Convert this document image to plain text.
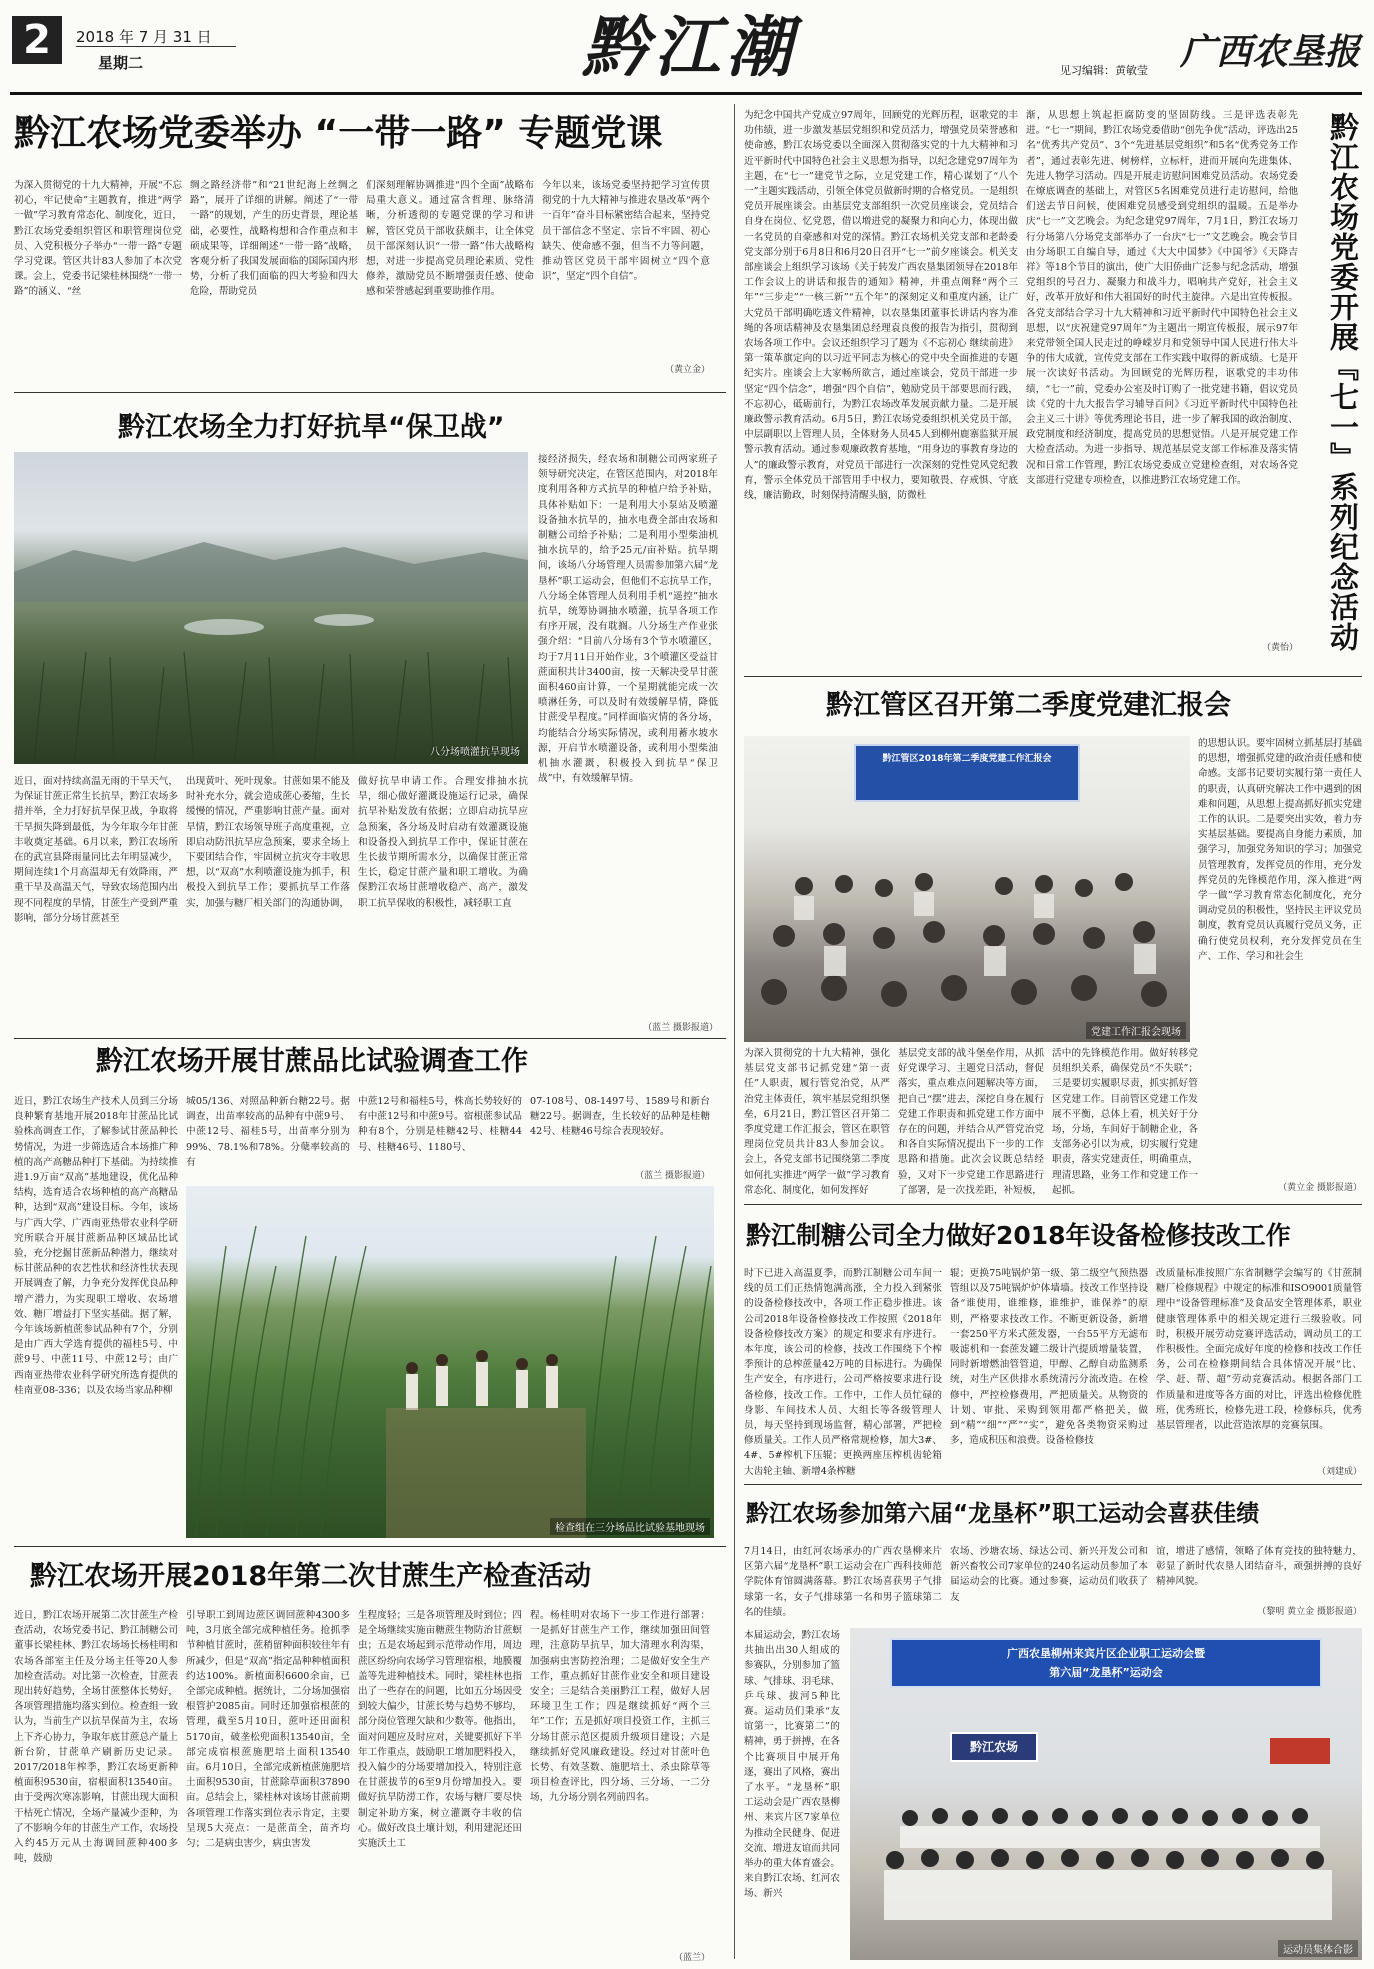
2	2018 年 7 月 31 日
星期二	黔江潮	见习编辑：黄敏莹 广西农垦报
黔江农场党委举办 “一带一路” 专题党课
为深入贯彻党的十九大精神，开展“不忘初心，牢记使命”主题教育，推进“两学一做”学习教育常态化、制度化，近日，黔江农场党委组织管区和职管理岗位党员、入党积极分子举办“一带一路”专题学习党课。管区共计83人参加了本次党课。会上，党委书记梁桂林围绕“一带一路”的涵义、“丝
绸之路经济带”和“21世纪海上丝绸之路”，展开了详细的讲解。阐述了“一带一路”的规划，产生的历史背景，理论基础，必要性，战略构想和合作重点和丰硕成果等，详细阐述“一带一路”战略，客观分析了我国发展面临的国际国内形势，分析了我们面临的四大考验和四大危险，帮助党员
们深刻理解协调推进“四个全面”战略布局重大意义。通过富含哲理、脉络清晰，分析透彻的专题党课的学习和讲解，管区党员干部收获颇丰，让全体党员干部深刻认识“一带一路”伟大战略构想，对进一步提高党员理论素质、党性修养，激励党员不断增强责任感、使命感和荣誉感起到重要助推作用。
今年以来，该场党委坚持把学习宣传贯彻党的十九大精神与推进农垦改革“两个一百年”奋斗目标紧密结合起来，坚持党员干部信念不坚定、宗旨不牢固、初心缺失、使命感不强，但当不力等问题，推动管区党员干部牢固树立“四个意识”，坚定“四个自信”。
（黄立金）
黔江农场全力打好抗旱“保卫战”
八分场喷灌抗旱现场
接经济损失，经农场和制糖公司两家班子领导研究决定，在管区范围内，对2018年度利用各种方式抗旱的种植户给予补贴，具体补贴如下：一是利用大小泵站及喷灌设备抽水抗旱的，抽水电费全部由农场和制糖公司给予补贴；二是利用小型柴油机抽水抗旱的，给予25元/亩补贴。抗旱期间，该场八分场管理人员需参加第六届“龙垦杯”职工运动会，但他们不忘抗旱工作，八分场全体管理人员利用手机“遥控”抽水抗旱，统筹协调抽水喷灌，抗旱各项工作有序开展，没有耽搁。八分场生产作业张强介绍：“目前八分场有3个节水喷灌区，均于7月11日开始作业，3个喷灌区受益甘蔗面积共计3400亩，按一天解决受旱甘蔗面积460亩计算，一个星期就能完成一次喷淋任务，可以及时有效缓解旱情，降低甘蔗受旱程度。”同样面临灾情的各分场，均能结合分场实际情况，或利用蓄水坡水源，开启节水喷灌设备，或利用小型柴油机抽水灌溉，积极投入到抗旱“保卫战”中，有效缓解旱情。
近日，面对持续高温无雨的干旱天气，为保证甘蔗正常生长抗旱，黔江农场多措并举，全力打好抗旱保卫战，争取将干旱损失降到最低，为今年取今年甘蔗丰收奠定基础。6月以来，黔江农场所在的武宣县降雨量同比去年明显减少，期间连续1个月高温却无有效降雨，严重干旱及高温天气，导致农场范围内出现不同程度的旱情，甘蔗生产受到严重影响，部分分场甘蔗甚至
出现黄叶、死叶现象。甘蔗如果不能及时补充水分，就会造成蔗心萎缩，生长缓慢的情况，严重影响甘蔗产量。面对旱情，黔江农场领导班子高度重视，立即启动防汛抗旱应急预案，要求全场上下要团结合作，牢固树立抗灾夺丰收思想，以“双高”水利喷灌设施为抓手，积极投入到抗旱工作；要抓抗旱工作落实，加强与糖厂相关部门的沟通协调，
做好抗旱申请工作。合理安排抽水抗旱，细心做好灌溉设施运行记录，确保抗旱补贴发放有依据；立即启动抗旱应急预案，各分场及时启动有效灌溉设施和设备投入到抗旱工作中，保证甘蔗在生长拔节期所需水分，以确保甘蔗正常生长，稳定甘蔗产量和职工增收。为确保黔江农场甘蔗增收稳产、高产，激发职工抗旱保收的积极性，减轻职工直
（蓝兰 摄影报道）
黔江农场开展甘蔗品比试验调查工作
近日，黔江农场生产技术人员到三分场良种繁育基地开展2018年甘蔗品比试验株高调查工作，了解参试甘蔗品种长势情况，为进一步筛选适合本场推广种植的高产高糖品种打下基础。为持续推进1.9万亩“双高”基地建设，优化品种结构，选育适合农场种植的高产高糖品种，达到“双高”建设目标。今年，该场与广西大学、广西南亚热带农业科学研究所联合开展甘蔗新品种区域品比试验，充分挖掘甘蔗新品种潜力，继续对标甘蔗品种的农艺性状和经济性状表现开展调查了解，力争充分发挥优良品种增产潜力，为实现职工增收、农场增效、糖厂增益打下坚实基础。据了解，今年该场新植蔗参试品种有7个，分别是由广西大学选育提供的福桂5号、中蔗9号、中蔗11号、中蔗12号；由广西南亚热带农业科学研究所选育提供的桂南亚08-336；以及农场当家品种柳
城05/136、对照品种新台糖22号。据调查，出苗率较高的品种有中蔗9号、中蔗12号、福桂5号，出苗率分别为99%、78.1%和78%。分蘖率较高的有
中蔗12号和福桂5号，株高长势较好的有中蔗12号和中蔗9号。宿根蔗参试品种有8个，分别是桂糖42号、桂糖44号、桂糖46号、1180号、
07-108号、08-1497号、1589号和新台糖22号。据调查，生长较好的品种是桂糖42号、桂糖46号综合表现较好。
（蓝兰 摄影报道）
检查组在三分场品比试验基地现场
黔江农场开展2018年第二次甘蔗生产检查活动
近日，黔江农场开展第二次甘蔗生产检查活动，农场党委书记、黔江制糖公司董事长梁桂林、黔江农场场长杨桂明和农场各部室主任及分场主任等20人参加检查活动。对比第一次检查，甘蔗表现出转好趋势，全场甘蔗整体长势好，各项管理措施均落实到位。检查组一致认为，当前生产以抗旱保苗为主，农场上下齐心协力，争取年底甘蔗总产量上新台阶，甘蔗单产刷新历史记录。2017/2018年榨季，黔江农场更新种植面积9530亩，宿根面积13540亩。由于受两次寒冻影响，甘蔗出现大面积干枯死亡情况，全场产量减少歪种，为了不影响今年的甘蔗生产工作，农场投入约45万元从土海调回蔗种400多吨，鼓励
引导职工到周边蔗区调回蔗种4300多吨，3月底全部完成种植任务。抢抓季节种植甘蔗时，蔗稍留种面积较往年有所减少，但是“双高”指定品种种植面积约达100%。新植面积6600余亩，已全部完成种植。据统计，二分场加强宿根管护2085亩。同时还加强宿根蔗的管理，截至5月10日，蔗叶还田面积5170亩，破垄松兜面积13540亩，全部完成宿根蔗施肥培土面积13540亩。6月10日，全部完成新植蔗施肥培土面积9530亩，甘蔗除草面积37890亩。总结会上，梁桂林对该场甘蔗前期各项管理工作落实到位表示肯定，主要呈现5大亮点：一是蔗苗全，苗齐均匀；二是病虫害少，病虫害发
生程度轻；三是各项管理及时到位；四是全场继续实施亩糖蔗生物防治甘蔗螟虫；五是农场起到示范带动作用，周边蔗区纷纷向农场学习管理宿根，地膜覆盖等先进种植技术。同时，梁桂林也指出了一些存在的问题，比如五分场因受到较大偏少，甘蔗长势与趋势不够均，部分岗位管理欠缺和少数等。他指出，面对问题应及时应对，关键要抓好下半年工作重点，鼓励职工增加肥料投入，投入偏少的分场要增加投入，特别注意在甘蔗拔节的6至9月份增加投入。要做好抗旱防涝工作，农场与糖厂要尽快制定补助方案，树立灌溉夺丰收的信心。做好改良土壤计划，利用建泥还田实施沃土工
程。杨桂明对农场下一步工作进行部署：一是抓好甘蔗生产工作，继续加强田间管理，注意防旱抗旱，加大清理水利沟渠，加强病虫害防控治理；二是做好安全生产工作，重点抓好甘蔗作业安全和项目建设安全；三是结合美丽黔江工程，做好人居环境卫生工作；四是继续抓好“两个三年”工作；五是抓好项目投资工作，主抓三分场甘蔗示范区提质升级项目建设；六是继续抓好党风廉政建设。经过对甘蔗叶色长势、有效茎数、施肥培土、杀虫除草等项目检查评比，四分场、三分场、一二分场，九分场分别名列前四名。
（蓝兰）
为纪念中国共产党成立97周年，回顾党的光辉历程，讴歌党的丰功伟绩，进一步激发基层党组织和党员活力，增强党员荣誉感和使命感，黔江农场党委以全面深入贯彻落实党的十九大精神和习近平新时代中国特色社会主义思想为指导，以纪念建党97周年为主题，在“七一”建党节之际，立足党建工作，精心谋划了“八个一”主题实践活动，引领全体党员做新时期的合格党员。一是组织党员开展座谈会。由基层党支部组织一次党员座谈会，党员结合自身在岗位、忆党恩，借以増进党的凝聚力和向心力，体现出做一名党员的自豪感和对党的深情。黔江农场机关党支部和老龄委党支部分别于6月8日和6月20日召开“七一”前夕座谈会。机关支部座谈会上组织学习该场《关于转发广西农垦集团领导在2018年工作会议上的讲话和报告的通知》精神，并重点阐释“两个三年”“三步走”“一核三新”“五个年”的深刻定义和重度内涵，让广大党员干部明确吃透文件精神，以农垦集团董事长讲话内容为准绳的各项话精神及农垦集团总经理袁良俊的报告为指引，贯彻到农场各项工作中。会议还组织学习了题为《不忘初心 继续前进》第一策革旗定向的以习近平同志为核心的党中央全面推进的专题纪实片。座谈会上大家畅所欲言，通过座谈会，党员干部进一步坚定“四个信念”，增强“四个自信”，勉励党员干部要思而行践，不忘初心，砥砺前行，为黔江农场改革发展贡献力量。二是开展廉政警示教育活动。6月5日，黔江农场党委组织机关党员干部，中层副职以上管理人员，全体财务人员45人到柳州鹿寨监狱开展警示教育活动。通过参观廉政教育基地，“用身边的事教育身边的人”的廉政警示教育，对党员干部进行一次深刻的党性党风党纪教育，警示全体党员干部管用手中权力，要知敬畏、存戒惧、守底线，廉洁勤政，时刻保持清醒头脑，防微杜
渐，从思想上筑起拒腐防变的坚固防线。三是评选表彰先进。“七一”期间，黔江农场党委借助“创先争优”活动，评选出25名“优秀共产党员”、3个“先进基层党组织”和5名“优秀党务工作者”，通过表彰先进、树榜样，立标杆，进而开展向先进集体、先进人物学习活动。四是开展走访慰问困难党员活动。农场党委在燎底调查的基础上，对管区5名困难党员进行走访慰问，给他们送去节日问候，使困难党员感受到党组织的温暖。五是举办庆“七一”文艺晚会。为纪念建党97周年，7月1日，黔江农场刀行分场第八分场党支部举办了一台庆“七一”文艺晚会。晚会节目由分场职工自编自导，通过《大大中国梦》《中国爷》《天降吉祥》等18个节目的演出，使广大旧侨曲广泛参与纪念活动，增强党组织的号召力、凝聚力和战斗力，唱响共产党好，社会主义好，改革开放好和伟大祖国好的时代主旋律。六是出宣传板报。各党支部结合学习十九大精神和习近平新时代中国特色社会主义思想，以“庆祝建党97周年”为主题出一期宣传板报，展示97年来党带领全国人民走过的峥嵘岁月和党领导中国人民进行伟大斗争的伟大成就，宣传党支部在工作实践中取得的新成绩。七是开展一次读好书活动。为回顾党的光辉历程，讴歌党的丰功伟绩，“七一”前，党委办公室及时订购了一批党建书籍，倡议党员读《党的十九大报告学习辅导百问》《习近平新时代中国特色社会主义三十讲》等优秀理论书目，进一步了解我国的政治制度、政党制度和经济制度，提高党员的思想觉悟。八是开展党建工作大检查活动。为进一步指导、规范基层党支部工作标准及落实情况和日常工作管理，黔江农场党委成立党建检查组，对农场各党支部进行党建专项检查，以推进黔江农场党建工作。
（黄怡） 黔江农场党委开展『七一』系列纪念活动
黔江管区召开第二季度党建汇报会
黔江管区2018年第二季度党建工作汇报会
党建工作汇报会现场
的思想认识。要牢固树立抓基层打基础的思想，增强抓党建的政治责任感和使命感。支部书记要切实履行第一责任人的职责，认真研究解决工作中遇到的困难和问题，从思想上提高抓好抓实党建工作的认识。二是要突出实效，着力夯实基层基础。要提高自身能力素质，加强学习，加强党务知识的学习；加强党员管理教育，发挥党员的作用，充分发挥党员的先锋模范作用，深入推进“两学一做”学习教育常态化制度化，充分调动党员的积极性，坚持民主评议党员制度，教育党员认真履行党员义务，正确行使党员权利，充分发挥党员在生产、工作、学习和社会生
为深入贯彻党的十九大精神，强化基层党支部书记抓党建“第一责任”人职责，履行管党治党，从严治党主体责任，筑牢基层党组织堡垒，6月21日，黔江管区召开第二季度党建工作汇报会，管区在职管理岗位党员共计83人参加会议。会上，各党支部书记围绕第二季度如何扎实推进“两学一做”学习教育常态化、制度化，如何发挥好
基层党支部的战斗堡垒作用，从抓好党课学习、主题党日活动，督促落实，重点难点问题解决等方面，把自己“摆”进去，深挖自身在履行党建工作职责和抓党建工作方面中存在的问题，并结合从严管党治党和各自实际情况提出下一步的工作思路和措施。此次会议既总结经验，又对下一步党建工作思路进行了部署，是一次找差距，补短板，
活中的先锋模范作用。做好转移党员组织关系，确保党员“不失联”；三是要切实履职尽责，抓实抓好管区党建工作。目前管区党建工作发展不平衡，总体上看，机关好于分场，分场，车间好于制糖企业，各支部务必引以为戒，切实履行党建职责，落实党建责任，明确重点，理清思路，业务工作和党建工作一起抓。	（黄立金 摄影报道）
黔江制糖公司全力做好2018年设备检修技改工作
时下已进入高温夏季，而黔江制糖公司车间一线的员工们正热情饱满高涨，全力投入到紧张的设备检修技改中，各项工作正稳步推进。该公司2018年设备检修技改工作按照《2018年设备检修技改方案》的规定和要求有序进行。本年度，该公司的检修，技改工作围绕下个榨季预计的总榨蔗量42万吨的目标进行。为确保生产安全，有序进行，公司严格按要求进行设备检修，技改工作。工作中，工作人员忙碌的身影、车间技术人员、大组长等各级管理人员，每天坚持到现场监督，精心部署，严把检修质量关。工作人员严格常规检修，加大3#、4#、5#榨机下压辊；更换两座压榨机齿轮箱大齿轮主轴、新增4条榨糖
辊；更换75吨锅炉第一级、第二级空气预热器管组以及75吨锅炉炉体墙墙。技改工作坚持设备“谁使用，谁维修，谁维护，谁保养”的原则，严格要求技改工作。不断更新设备，新增一套250平方米式蔗发器，一台55平方无滤布吸滤机和一套蔗发罐二级计汽提质增量装置，同时新增燃油管管道，甲醇、乙醇自动监测系统，对生产区供排水系统清污分流改造。在检修中，严控检修费用，严把质量关。从物资的计划、审批、采购到领用都严格把关，做到“精”“细”“严”“实”，避免各类物资采购过多，造成积压和浪费。设备检修技
改质量标准按照广东省制糖学会编写的《甘蔗制糖厂检修规程》中规定的标准和ISO9001质量管理中“设备管理标准”及食品安全管理体系，职业健康管理体系中的相关规定进行三级验收。同时，积极开展劳动竞赛评选活动，调动员工的工作积极性。全面完成好年度的检修和技改工作任务，公司在检修期间结合具体情况开展“比、学、赶、帮、超”劳动竞赛活动。根据各部门工作质量和进度等各方面的对比，评选出检修优胜班，优秀班长，检修先进工段，检修标兵，优秀基层管理者，以此营造浓厚的竞赛氛围。
（刘建成）
黔江农场参加第六届“龙垦杯”职工运动会喜获佳绩
7月14日，由红河农场承办的广西农垦柳来片区第六届“龙垦杯”职工运动会在广西科技师范学院体育馆圆满落幕。黔江农场喜获男子气排球第一名，女子气排球第一名和男子篮球第二名的佳绩。
农场、沙塘农场、绿达公司、新兴开发公司和新兴畜牧公司7家单位的240名运动员参加了本届运动会的比赛。通过参赛，运动员们收获了友
谊，增进了感情，领略了体育竞技的独特魅力，彰显了新时代农垦人团结奋斗，顽强拼搏的良好精神风貌。
（黎明 黄立金 摄影报道）
本届运动会，黔江农场共抽出出30人组成的参赛队，分别参加了篮球、气排球、羽毛球、乒乓球、拔河5种比赛。运动员们秉承“友谊第一，比赛第二”的精神，勇于拼搏，在各个比赛项目中展开角逐，赛出了风格，赛出了水平。“龙垦杯”职工运动会是广西农垦柳州、来宾片区7家单位为推动全民健身、促进交流、增进友谊而共同举办的重大体育盛会。来自黔江农场、红河农场、新兴
广西农垦柳州来宾片区企业职工运动会暨
第六届“龙垦杯”运动会
黔江农场
运动员集体合影
